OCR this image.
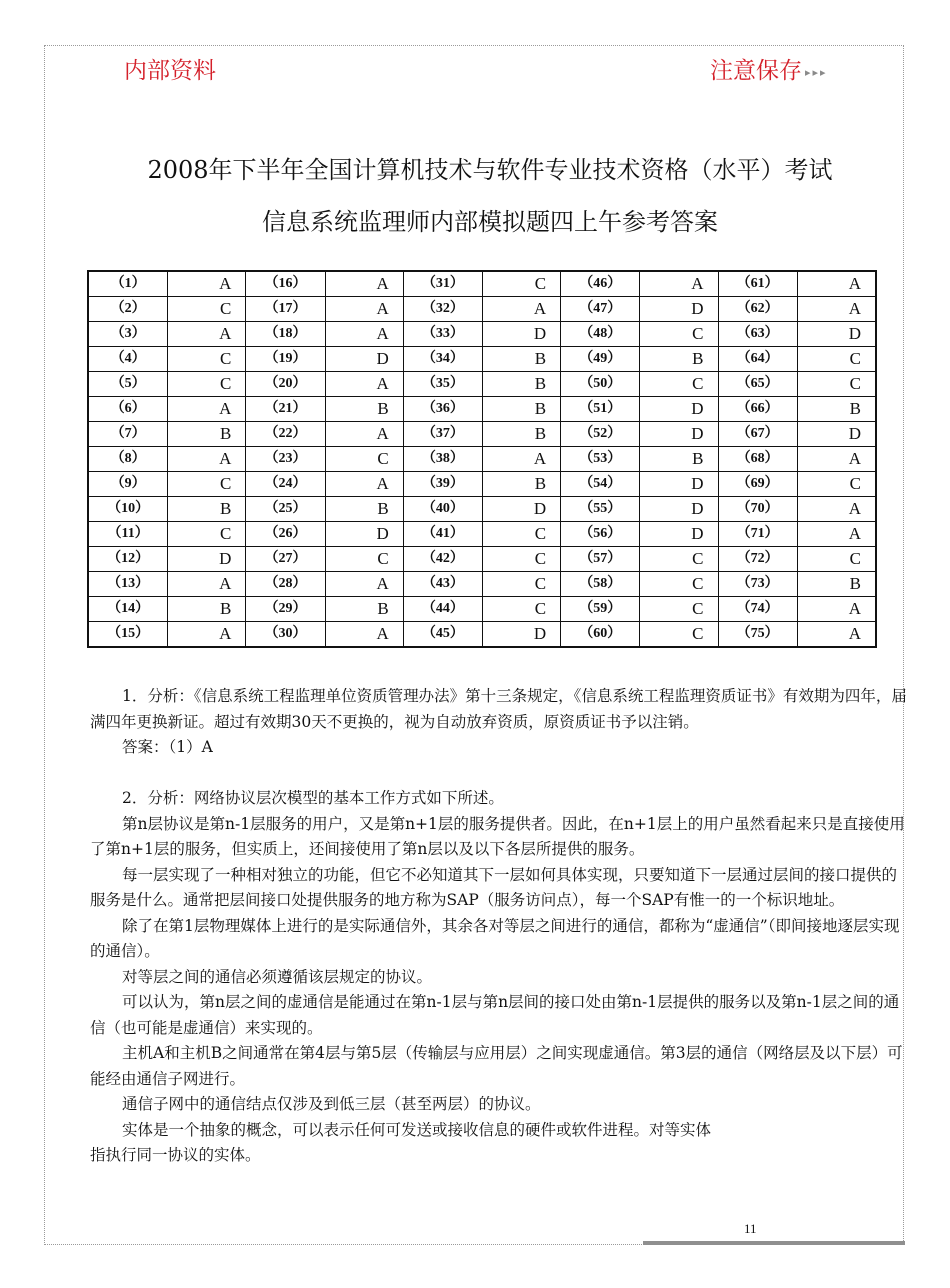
内部资料	注意保存 ▸▸▸
2008年下半年全国计算机技术与软件专业技术资格（水平）考试
信息系统监理师内部模拟题四上午参考答案
（1）	A	（16）	A	（31）	C	（46）	A	（61）	A
（2）	C	（17）	A	（32）	A	（47）	D	（62）	A
（3）	A	（18）	A	（33）	D	（48）	C	（63）	D
（4）	C	（19）	D	（34）	B	（49）	B	（64）	C
（5）	C	（20）	A	（35）	B	（50）	C	（65）	C
（6）	A	（21）	B	（36）	B	（51）	D	（66）	B
（7）	B	（22）	A	（37）	B	（52）	D	（67）	D
（8）	A	（23）	C	（38）	A	（53）	B	（68）	A
（9）	C	（24）	A	（39）	B	（54）	D	（69）	C
（10）	B	（25）	B	（40）	D	（55）	D	（70）	A
（11）	C	（26）	D	（41）	C	（56）	D	（71）	A
（12）	D	（27）	C	（42）	C	（57）	C	（72）	C
（13）	A	（28）	A	（43）	C	（58）	C	（73）	B
（14）	B	（29）	B	（44）	C	（59）	C	（74）	A
（15）	A	（30）	A	（45）	D	（60）	C	（75）	A

1．分析：《信息系统工程监理单位资质管理办法》第十三条规定，《信息系统工程监理资质证书》有效期为四年，届满四年更换新证。超过有效期30天不更换的，视为自动放弃资质，原资质证书予以注销。

答案：（1）A

2．分析：网络协议层次模型的基本工作方式如下所述。

第n层协议是第n-1层服务的用户，又是第n+1层的服务提供者。因此，在n+1层上的用户虽然看起来只是直接使用了第n+1层的服务，但实质上，还间接使用了第n层以及以下各层所提供的服务。

每一层实现了一种相对独立的功能，但它不必知道其下一层如何具体实现，只要知道下一层通过层间的接口提供的服务是什么。通常把层间接口处提供服务的地方称为SAP（服务访问点），每一个SAP有惟一的一个标识地址。

除了在第1层物理媒体上进行的是实际通信外，其余各对等层之间进行的通信，都称为“虚通信”（即间接地逐层实现的通信）。

对等层之间的通信必须遵循该层规定的协议。

可以认为，第n层之间的虚通信是能通过在第n-1层与第n层间的接口处由第n-1层提供的服务以及第n-1层之间的通信（也可能是虚通信）来实现的。

主机A和主机B之间通常在第4层与第5层（传输层与应用层）之间实现虚通信。第3层的通信（网络层及以下层）可能经由通信子网进行。

通信子网中的通信结点仅涉及到低三层（甚至两层）的协议。

实体是一个抽象的概念，可以表示任何可发送或接收信息的硬件或软件进程。对等实体

指执行同一协议的实体。

11
